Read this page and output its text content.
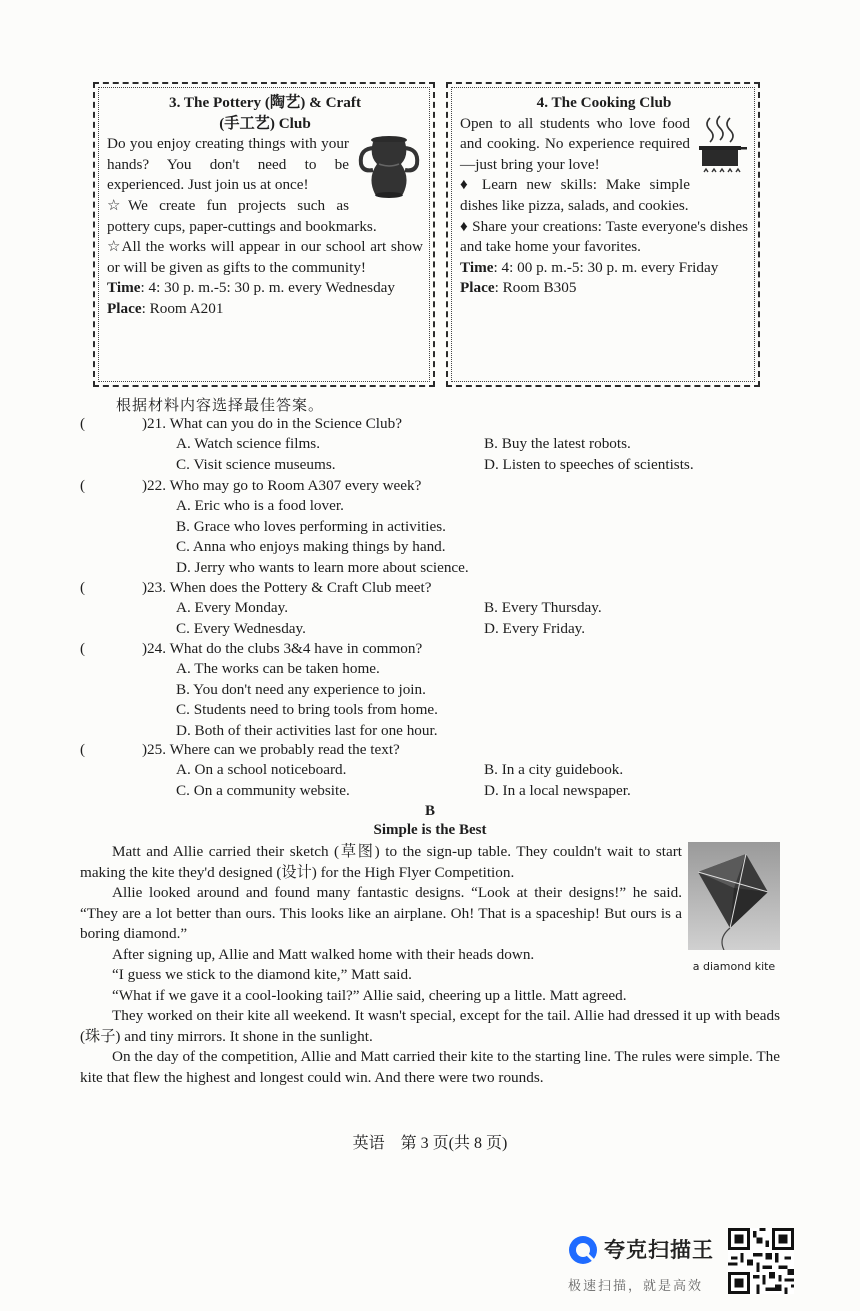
3. The Pottery (陶艺) & Craft
(手工艺) Club
Do you enjoy creating things with your hands? You don't need to be experienced. Just join us at once!
☆We create fun projects such as pottery cups, paper-cuttings and bookmarks.
☆All the works will appear in our school art show or will be given as gifts to the community!
Time: 4: 30 p. m.-5: 30 p. m. every Wednesday
Place: Room A201
4. The Cooking Club
Open to all students who love food and cooking. No experience required—just bring your love!
♦ Learn new skills: Make simple dishes like pizza, salads, and cookies.
♦ Share your creations: Taste everyone's dishes and take home your favorites.
Time: 4: 00 p. m.-5: 30 p. m. every Friday
Place: Room B305
根据材料内容选择最佳答案。
(	)21. What can you do in the Science Club?
A. Watch science films.	B. Buy the latest robots.
C. Visit science museums.	D. Listen to speeches of scientists.
(	)22. Who may go to Room A307 every week?
A. Eric who is a food lover.
B. Grace who loves performing in activities.
C. Anna who enjoys making things by hand.
D. Jerry who wants to learn more about science.
(	)23. When does the Pottery & Craft Club meet?
A. Every Monday.	B. Every Thursday.
C. Every Wednesday.	D. Every Friday.
(	)24. What do the clubs 3&4 have in common?
A. The works can be taken home.
B. You don't need any experience to join.
C. Students need to bring tools from home.
D. Both of their activities last for one hour.
(	)25. Where can we probably read the text?
A. On a school noticeboard.	B. In a city guidebook.
C. On a community website.	D. In a local newspaper.
B
Simple is the Best
a diamond kite

Matt and Allie carried their sketch (草图) to the sign-up table. They couldn't wait to start making the kite they'd designed (设计) for the High Flyer Competition.

Allie looked around and found many fantastic designs. “Look at their designs!” he said. “They are a lot better than ours. This looks like an airplane. Oh! That is a spaceship! But ours is a boring diamond.”

After signing up, Allie and Matt walked home with their heads down.

“I guess we stick to the diamond kite,” Matt said.

“What if we gave it a cool-looking tail?” Allie said, cheering up a little. Matt agreed.

They worked on their kite all weekend. It wasn't special, except for the tail. Allie had dressed it up with beads (珠子) and tiny mirrors. It shone in the sunlight.

On the day of the competition, Allie and Matt carried their kite to the starting line. The rules were simple. The kite that flew the highest and longest could win. And there were two rounds.

英语　第 3 页(共 8 页)
夸克扫描王
极速扫描，就是高效
